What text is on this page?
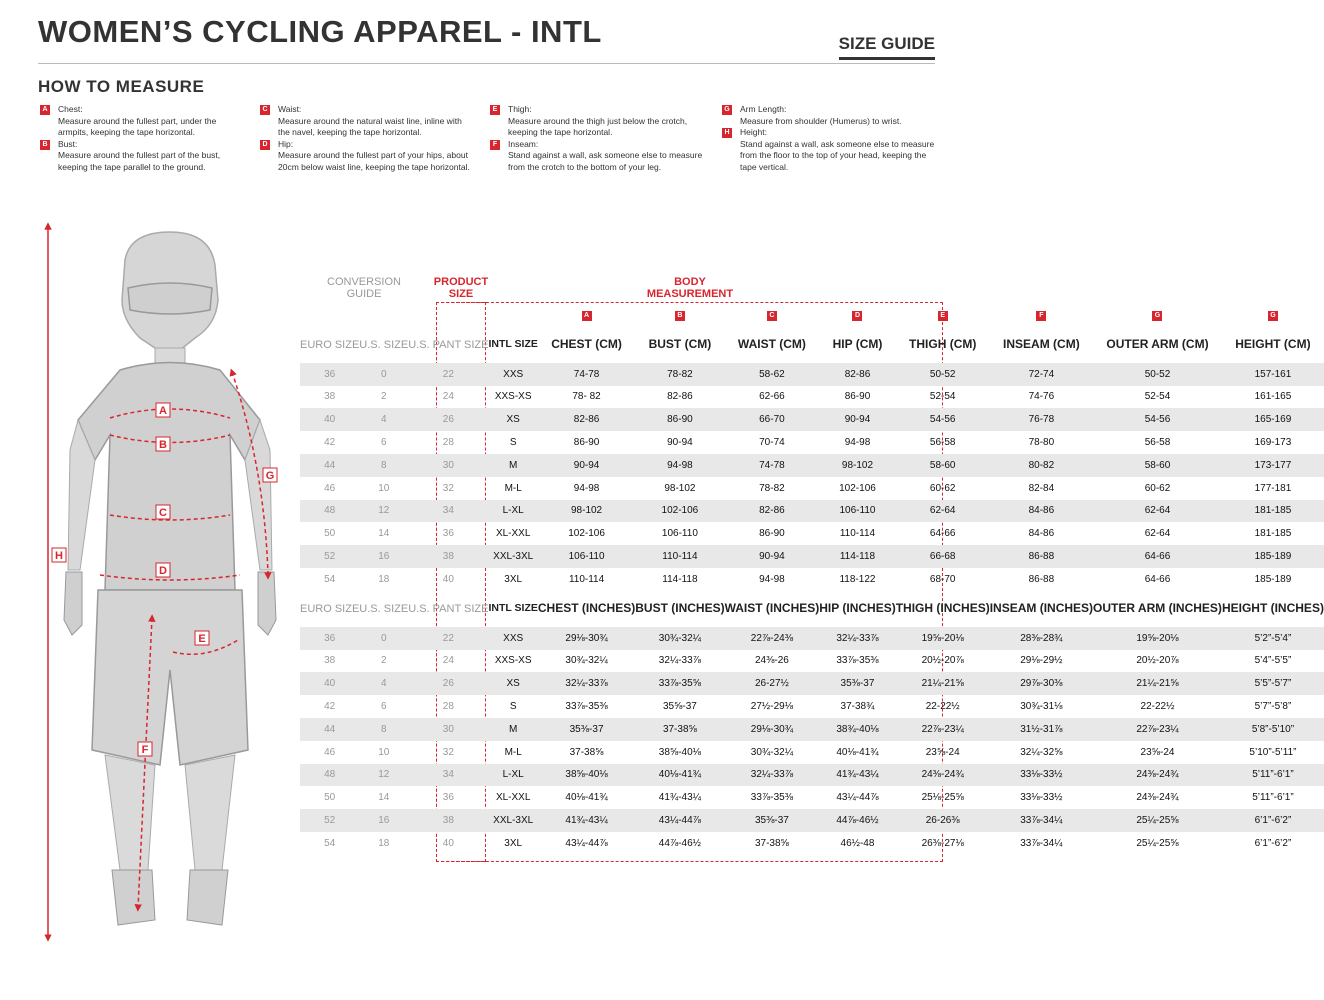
WOMEN’S CYCLING APPAREL - INTL	SIZE GUIDE
HOW TO MEASURE
A Chest:
Measure around the fullest part, under the armpits, keeping the tape horizontal.
B Bust:
Measure around the fullest part of the bust, keeping the tape parallel to the ground.
C Waist:
Measure around the natural waist line, inline with the navel, keeping the tape horizontal.
D Hip:
Measure around the fullest part of your hips, about 20cm below waist line, keeping the tape horizontal.
E	Thigh:
Measure around the thigh just below the crotch, keeping the tape horizontal.
F	Inseam:
Stand against a wall, ask someone else to measure from the crotch to the bottom of your leg.
G Arm Length:
Measure from shoulder (Humerus) to wrist.
H Height:
Stand against a wall, ask someone else to measure from the floor to the top of your head, keeping the tape vertical.
A
B
C
D
E
F
G
H
CONVERSION GUIDE
PRODUCT SIZE
BODY MEASUREMENT

				A	B	C	D	E	F	G	G
EURO SIZE	U.S. SIZE	U.S. PANT SIZE	INTL SIZE	CHEST (CM)	BUST (CM)	WAIST (CM)	HIP (CM)	THIGH (CM)	INSEAM (CM)	OUTER ARM (CM)	HEIGHT (CM)
36	0	22	XXS	74-78	78-82	58-62	82-86	50-52	72-74	50-52	157-161
38	2	24	XXS-XS	78- 82	82-86	62-66	86-90	52-54	74-76	52-54	161-165
40	4	26	XS	82-86	86-90	66-70	90-94	54-56	76-78	54-56	165-169
42	6	28	S	86-90	90-94	70-74	94-98	56-58	78-80	56-58	169-173
44	8	30	M	90-94	94-98	74-78	98-102	58-60	80-82	58-60	173-177
46	10	32	M-L	94-98	98-102	78-82	102-106	60-62	82-84	60-62	177-181
48	12	34	L-XL	98-102	102-106	82-86	106-110	62-64	84-86	62-64	181-185
50	14	36	XL-XXL	102-106	106-110	86-90	110-114	64-66	84-86	62-64	181-185
52	16	38	XXL-3XL	106-110	110-114	90-94	114-118	66-68	86-88	64-66	185-189
54	18	40	3XL	110-114	114-118	94-98	118-122	68-70	86-88	64-66	185-189
EURO SIZE	U.S. SIZE	U.S. PANT SIZE	INTL SIZE	CHEST (INCHES)	BUST (INCHES)	WAIST (INCHES)	HIP (INCHES)	THIGH (INCHES)	INSEAM (INCHES)	OUTER ARM (INCHES)	HEIGHT (INCHES)
36	0	22	XXS	29⅛-30¾	30¾-32¼	22⅞-24⅜	32¼-33⅞	19⅝-20⅛	28⅜-28¾	19⅝-20⅛	5’2”-5’4”
38	2	24	XXS-XS	30¾-32¼	32¼-33⅞	24⅜-26	33⅞-35⅜	20½-20⅞	29⅛-29½	20½-20⅞	5’4”-5’5”
40	4	26	XS	32¼-33⅞	33⅞-35⅝	26-27½	35⅜-37	21¼-21⅝	29⅞-30⅜	21¼-21⅝	5’5”-5’7”
42	6	28	S	33⅞-35⅜	35⅝-37	27½-29⅛	37-38¾	22-22½	30¾-31⅛	22-22½	5’7”-5’8”
44	8	30	M	35⅜-37	37-38⅝	29⅛-30¾	38¾-40⅛	22⅞-23¼	31½-31⅞	22⅞-23¼	5’8”-5’10”
46	10	32	M-L	37-38⅝	38⅝-40⅛	30¾-32¼	40⅛-41¾	23⅝-24	32¼-32⅝	23⅝-24	5’10”-5’11”
48	12	34	L-XL	38⅝-40⅛	40⅛-41¾	32¼-33⅞	41¾-43¼	24⅜-24¾	33⅛-33½	24⅜-24¾	5’11”-6’1”
50	14	36	XL-XXL	40⅛-41¾	41¾-43¼	33⅞-35⅜	43¼-44⅞	25⅛-25⅝	33⅛-33½	24⅜-24¾	5’11”-6’1”
52	16	38	XXL-3XL	41¾-43¼	43¼-44⅞	35⅜-37	44⅞-46½	26-26⅜	33⅞-34¼	25¼-25⅝	6’1”-6’2”
54	18	40	3XL	43¼-44⅞	44⅞-46½	37-38⅝	46½-48	26⅜-27⅛	33⅞-34¼	25¼-25⅝	6’1”-6’2”
